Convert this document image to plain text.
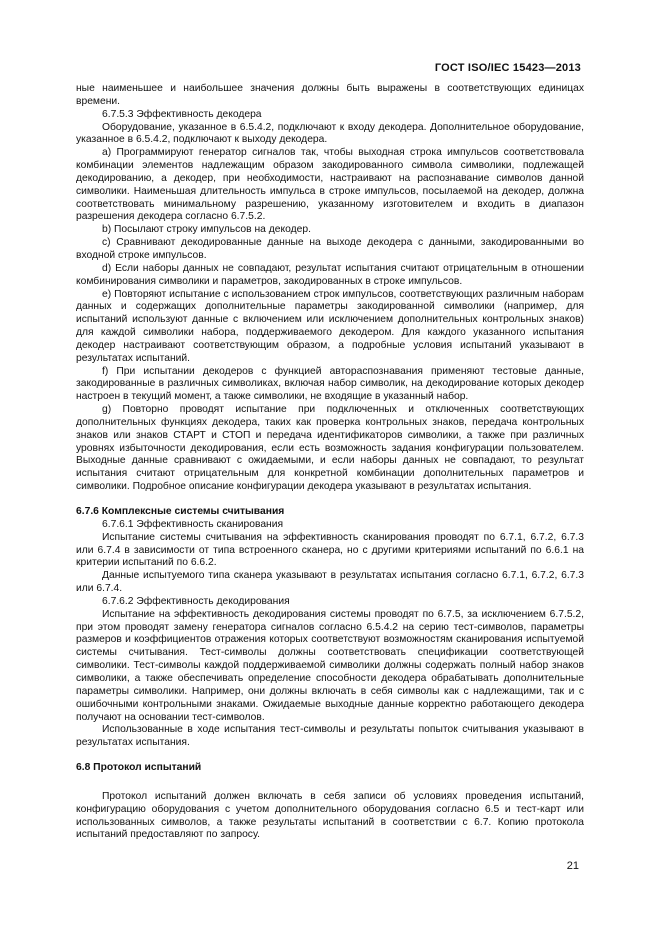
ГОСТ ISO/IEC 15423—2013

ные наименьшее и наибольшее значения должны быть выражены в соответствующих единицах времени.

6.7.5.3 Эффективность декодера

Оборудование, указанное в 6.5.4.2, подключают к входу декодера. Дополнительное оборудование, указанное в 6.5.4.2, подключают к выходу декодера.

a) Программируют генератор сигналов так, чтобы выходная строка импульсов соответствовала комбинации элементов надлежащим образом закодированного символа символики, подлежащей декодированию, а декодер, при необходимости, настраивают на распознавание символов данной символики. Наименьшая длительность импульса в строке импульсов, посылаемой на декодер, должна соответствовать минимальному разрешению, указанному изготовителем и входить в диапазон разрешения декодера согласно 6.7.5.2.

b) Посылают строку импульсов на декодер.

c) Сравнивают декодированные данные на выходе декодера с данными, закодированными во входной строке импульсов.

d) Если наборы данных не совпадают, результат испытания считают отрицательным в отношении комбинирования символики и параметров, закодированных в строке импульсов.

e) Повторяют испытание с использованием строк импульсов, соответствующих различным наборам данных и содержащих дополнительные параметры закодированной символики (например, для испытаний используют данные с включением или исключением дополнительных контрольных знаков) для каждой символики набора, поддерживаемого декодером. Для каждого указанного испытания декодер настраивают соответствующим образом, а подробные условия испытаний указывают в результатах испытаний.

f) При испытании декодеров с функцией автораспознавания применяют тестовые данные, закодированные в различных символиках, включая набор символик, на декодирование которых декодер настроен в текущий момент, а также символики, не входящие в указанный набор.

g) Повторно проводят испытание при подключенных и отключенных соответствующих дополнительных функциях декодера, таких как проверка контрольных знаков, передача контрольных знаков или знаков СТАРТ и СТОП и передача идентификаторов символики, а также при различных уровнях избыточности декодирования, если есть возможность задания конфигурации пользователем. Выходные данные сравнивают с ожидаемыми, и если наборы данных не совпадают, то результат испытания считают отрицательным для конкретной комбинации дополнительных параметров и символики. Подробное описание конфигурации декодера указывают в результатах испытания.

6.7.6 Комплексные системы считывания

6.7.6.1 Эффективность сканирования

Испытание системы считывания на эффективность сканирования проводят по 6.7.1, 6.7.2, 6.7.3 или 6.7.4 в зависимости от типа встроенного сканера, но с другими критериями испытаний по 6.6.1 на критерии испытаний по 6.6.2.

Данные испытуемого типа сканера указывают в результатах испытания согласно 6.7.1, 6.7.2, 6.7.3 или 6.7.4.

6.7.6.2 Эффективность декодирования

Испытание на эффективность декодирования системы проводят по 6.7.5, за исключением 6.7.5.2, при этом проводят замену генератора сигналов согласно 6.5.4.2 на серию тест-символов, параметры размеров и коэффициентов отражения которых соответствуют возможностям сканирования испытуемой системы считывания. Тест-символы должны соответствовать спецификации соответствующей символики. Тест-символы каждой поддерживаемой символики должны содержать полный набор знаков символики, а также обеспечивать определение способности декодера обрабатывать дополнительные параметры символики. Например, они должны включать в себя символы как с надлежащими, так и с ошибочными контрольными знаками. Ожидаемые выходные данные корректно работающего декодера получают на основании тест-символов.

Использованные в ходе испытания тест-символы и результаты попыток считывания указывают в результатах испытания.

6.8 Протокол испытаний

Протокол испытаний должен включать в себя записи об условиях проведения испытаний, конфигурацию оборудования с учетом дополнительного оборудования согласно 6.5 и тест-карт или использованных символов, а также результаты испытаний в соответствии с 6.7. Копию протокола испытаний предоставляют по запросу.

21
